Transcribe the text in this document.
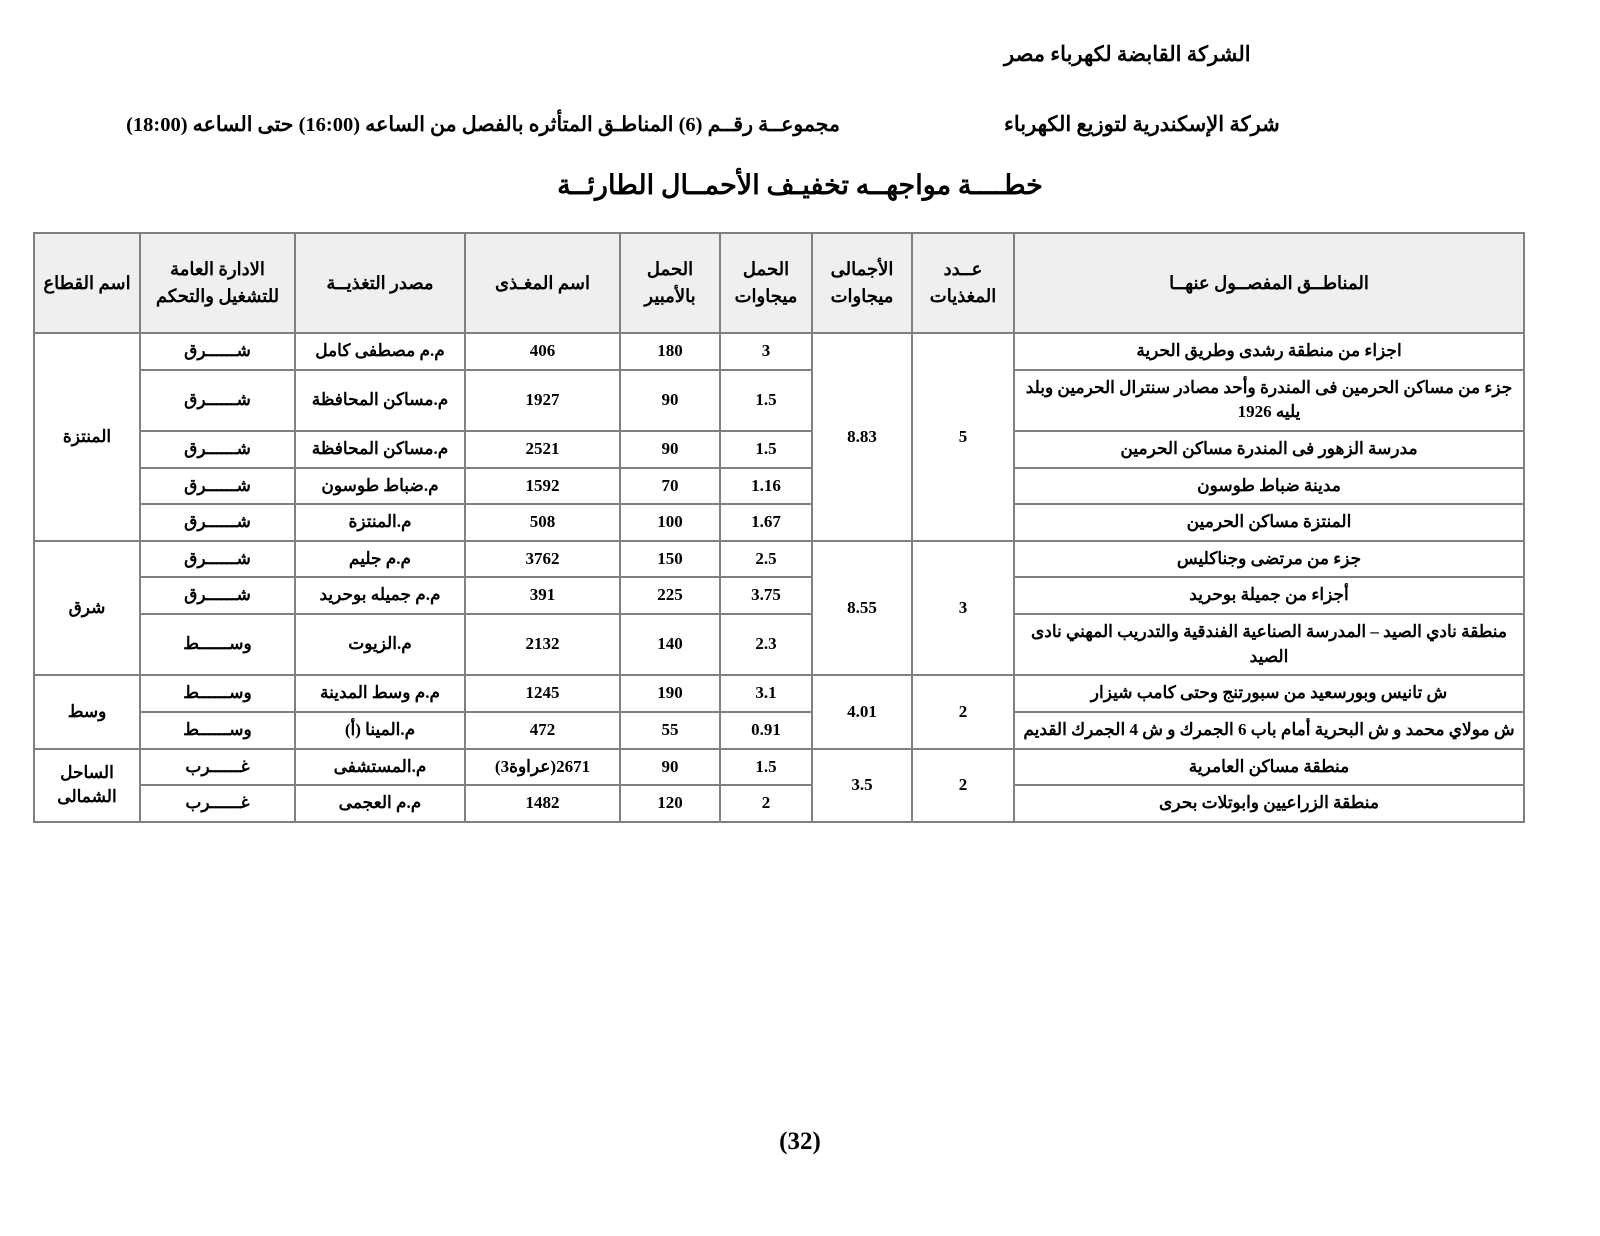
الشركة القابضة لكهرباء مصر
شركة الإسكندرية لتوزيع الكهرباء
مجموعــة رقــم (6) المناطـق المتأثره بالفصل من الساعه (16:00) حتى الساعه (18:00)
خطــــة مواجهــه تخفيـف الأحمــال الطارئــة
المناطــق المفصــول عنهــا	عــدد المغذيات	الأجمالى ميجاوات	الحمل ميجاوات	الحمل بالأمبير	اسم المغـذى	مصدر التغذيــة	الادارة العامة للتشغيل والتحكم	اسم القطاع
اجزاء من منطقة رشدى وطريق الحرية	5	8.83	3	180	406	م.م مصطفى كامل	شــــــرق	المنتزة
جزء من مساكن الحرمين فى المندرة وأحد مصادر سنترال الحرمين وبلد يليه 1926			1.5	90	1927	م.مساكن المحافظة	شــــــرق	
مدرسة الزهور فى المندرة مساكن الحرمين			1.5	90	2521	م.مساكن المحافظة	شــــــرق	
مدينة ضباط طوسون			1.16	70	1592	م.ضباط طوسون	شــــــرق	
المنتزة مساكن الحرمين			1.67	100	508	م.المنتزة	شــــــرق	
جزء من مرتضى وجناكليس	3	8.55	2.5	150	3762	م.م جليم	شــــــرق	شرق
أجزاء من جميلة بوحريد			3.75	225	391	م.م جميله بوحريد	شــــــرق	
منطقة نادي الصيد – المدرسة الصناعية الفندقية والتدريب المهني نادى الصيد			2.3	140	2132	م.الزيوت	وســــــط	
ش تانيس وبورسعيد من سبورتنج وحتى كامب شيزار	2	4.01	3.1	190	1245	م.م وسط المدينة	وســــــط	وسط
ش مولاي محمد و ش البحرية أمام باب 6 الجمرك و ش 4 الجمرك القديم			0.91	55	472	م.المينا (أ)	وســــــط	
منطقة مساكن العامرية	2	3.5	1.5	90	2671(عراوة3)	م.المستشفى	غــــــرب	الساحل الشمالى
منطقة الزراعيين وابوتلات بحرى			2	120	1482	م.م العجمى	غــــــرب	
(32)
